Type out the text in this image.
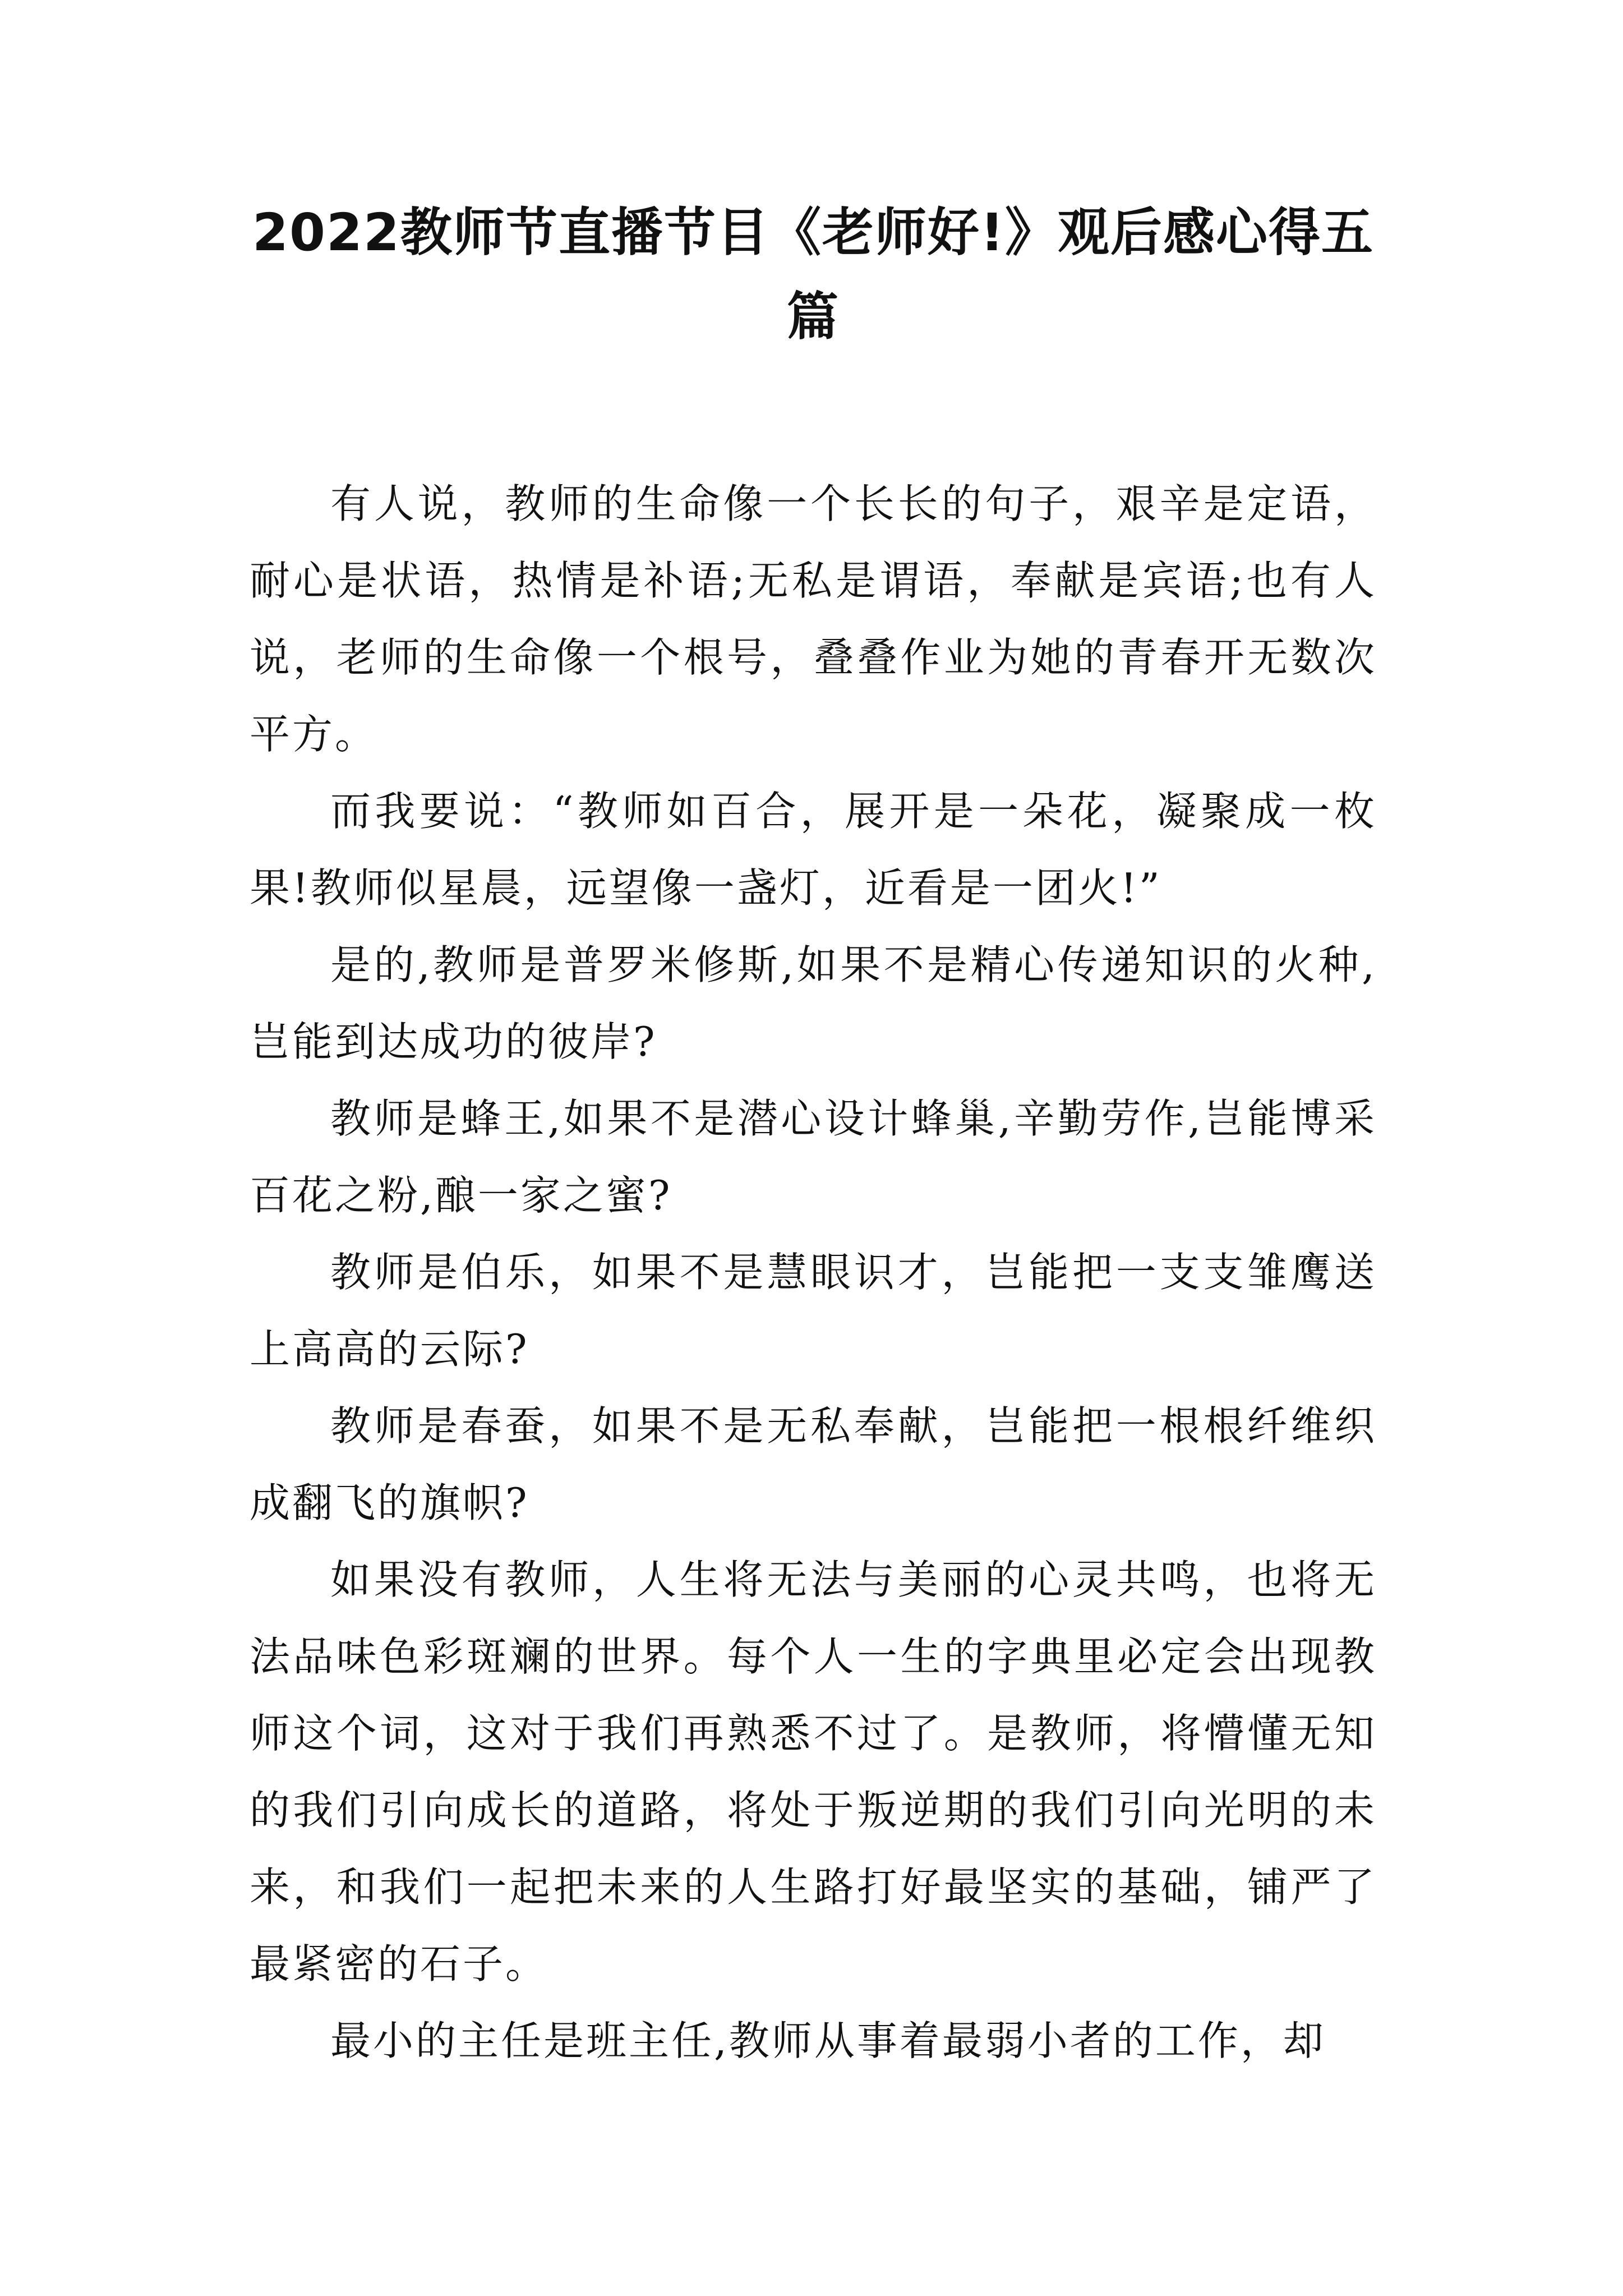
2022教师节直播节目《老师好!》观后感心得五篇

有人说，教师的生命像一个长长的句子，艰辛是定语，耐心是状语，热情是补语;无私是谓语，奉献是宾语;也有人说，老师的生命像一个根号，叠叠作业为她的青春开无数次平方。

而我要说：“教师如百合，展开是一朵花，凝聚成一枚果!教师似星晨，远望像一盏灯，近看是一团火!”

是的,教师是普罗米修斯,如果不是精心传递知识的火种,岂能到达成功的彼岸?

教师是蜂王,如果不是潜心设计蜂巢,辛勤劳作,岂能博采百花之粉,酿一家之蜜?

教师是伯乐，如果不是慧眼识才，岂能把一支支雏鹰送上高高的云际?

教师是春蚕，如果不是无私奉献，岂能把一根根纤维织成翻飞的旗帜?

如果没有教师，人生将无法与美丽的心灵共鸣，也将无法品味色彩斑斓的世界。每个人一生的字典里必定会出现教师这个词，这对于我们再熟悉不过了。是教师，将懵懂无知的我们引向成长的道路，将处于叛逆期的我们引向光明的未来，和我们一起把未来的人生路打好最坚实的基础，铺严了最紧密的石子。

最小的主任是班主任,教师从事着最弱小者的工作，却
